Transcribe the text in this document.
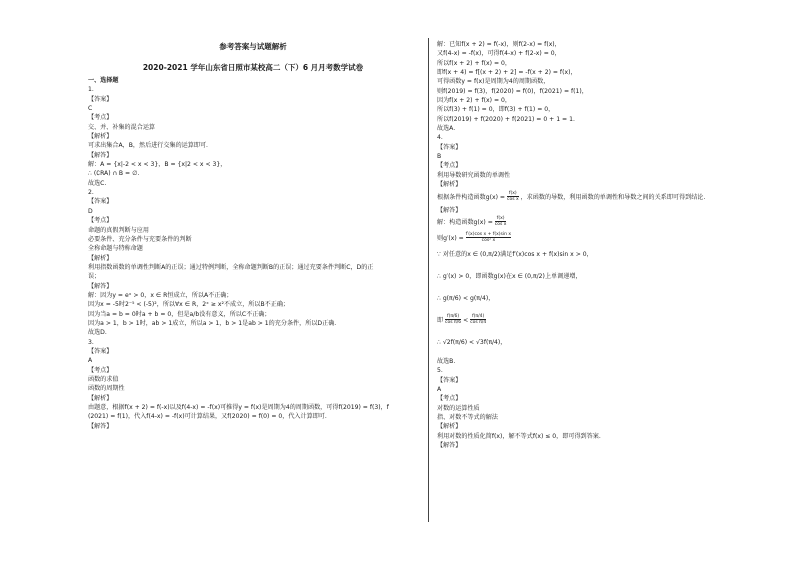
参考答案与试题解析
2020-2021 学年山东省日照市某校高二（下）6 月月考数学试卷
一、选择题
1.
【答案】
C
【考点】
交、并、补集的混合运算
【解析】
可求出集合A，B，然后进行交集的运算即可.
【解答】
解：A = {x|-2 < x < 3}，B = {x|2 < x < 3}，
∴ (∁RA) ∩ B = ∅.
故选C.
2.
【答案】
D
【考点】
命题的真假判断与应用
必要条件、充分条件与充要条件的判断
全称命题与特称命题
【解析】
利用指数函数的单调性判断A的正误；通过特例判断，全称命题判断B的正误；通过充要条件判断C，D的正
误；
【解答】
解：因为y = eˣ > 0，x ∈ R恒成立，所以A不正确；
因为x = -5时2⁻⁵ < (-5)²，所以∀x ∈ R，2ˣ ≥ x²不成立，所以B不正确；
因为当a = b = 0时a + b = 0，但是a/b没有意义，所以C不正确；
因为a > 1，b > 1时，ab > 1成立，所以a > 1，b > 1是ab > 1的充分条件，所以D正确.
故选D.
3.
【答案】
A
【考点】
函数的求值
函数的周期性
【解析】
由题意，根据f(x + 2) = f(-x)以及f(4-x) = -f(x)可推得y = f(x)是周期为4的周期函数，可得f(2019) = f(3)，f
(2021) = f(1)，代入f(4-x) = -f(x)可计算结果，又f(2020) = f(0) = 0，代入计算即可.
【解答】
解：已知f(x + 2) = f(-x)，则f(2-x) = f(x)，
又f(4-x) = -f(x)，可得f(4-x) + f(2-x) = 0，
所以f(x + 2) + f(x) = 0，
即f(x + 4) = f[(x + 2) + 2] = -f(x + 2) = f(x)，
可得函数y = f(x)是周期为4的周期函数，
则f(2019) = f(3)，f(2020) = f(0)，f(2021) = f(1)，
因为f(x + 2) + f(x) = 0，
所以f(3) + f(1) = 0，即f(3) + f(1) = 0，
所以f(2019) + f(2020) + f(2021) = 0 + 1 = 1.
故选A.
4.
【答案】
B
【考点】
利用导数研究函数的单调性
【解析】
根据条件构造函数$g(x) = \frac{f(x)}{\text{cos x}}$ ，求函数的导数，利用函数的单调性和导数之间的关系即可得到结论.
【解答】
解：构造函数$g(x) = \frac{f(x)}{\text{cos x}}$
则$g'(x) = \frac{\text{f′(x)cos x + f(x)sin x}}{\text{cos² x}}$
∵ 对任意的x ∈ (0,π/2)满足f′(x)cos x + f(x)sin x > 0，
∴ g′(x) > 0，即函数g(x)在x ∈ (0,π/2)上单调递增，
∴ g(π/6) < g(π/4)，
即 $\frac{f(\pi/6)}{\text{cos π/6}} < \frac{f(\pi/4)}{\text{cos π/4}}$
∴ √2f(π/6) < √3f(π/4)，
故选B.
5.
【答案】
A
【考点】
对数的运算性质
指、对数不等式的解法
【解析】
利用对数的性质化简f(x)，解不等式f(x) ≤ 0，即可得到答案.
【解答】
